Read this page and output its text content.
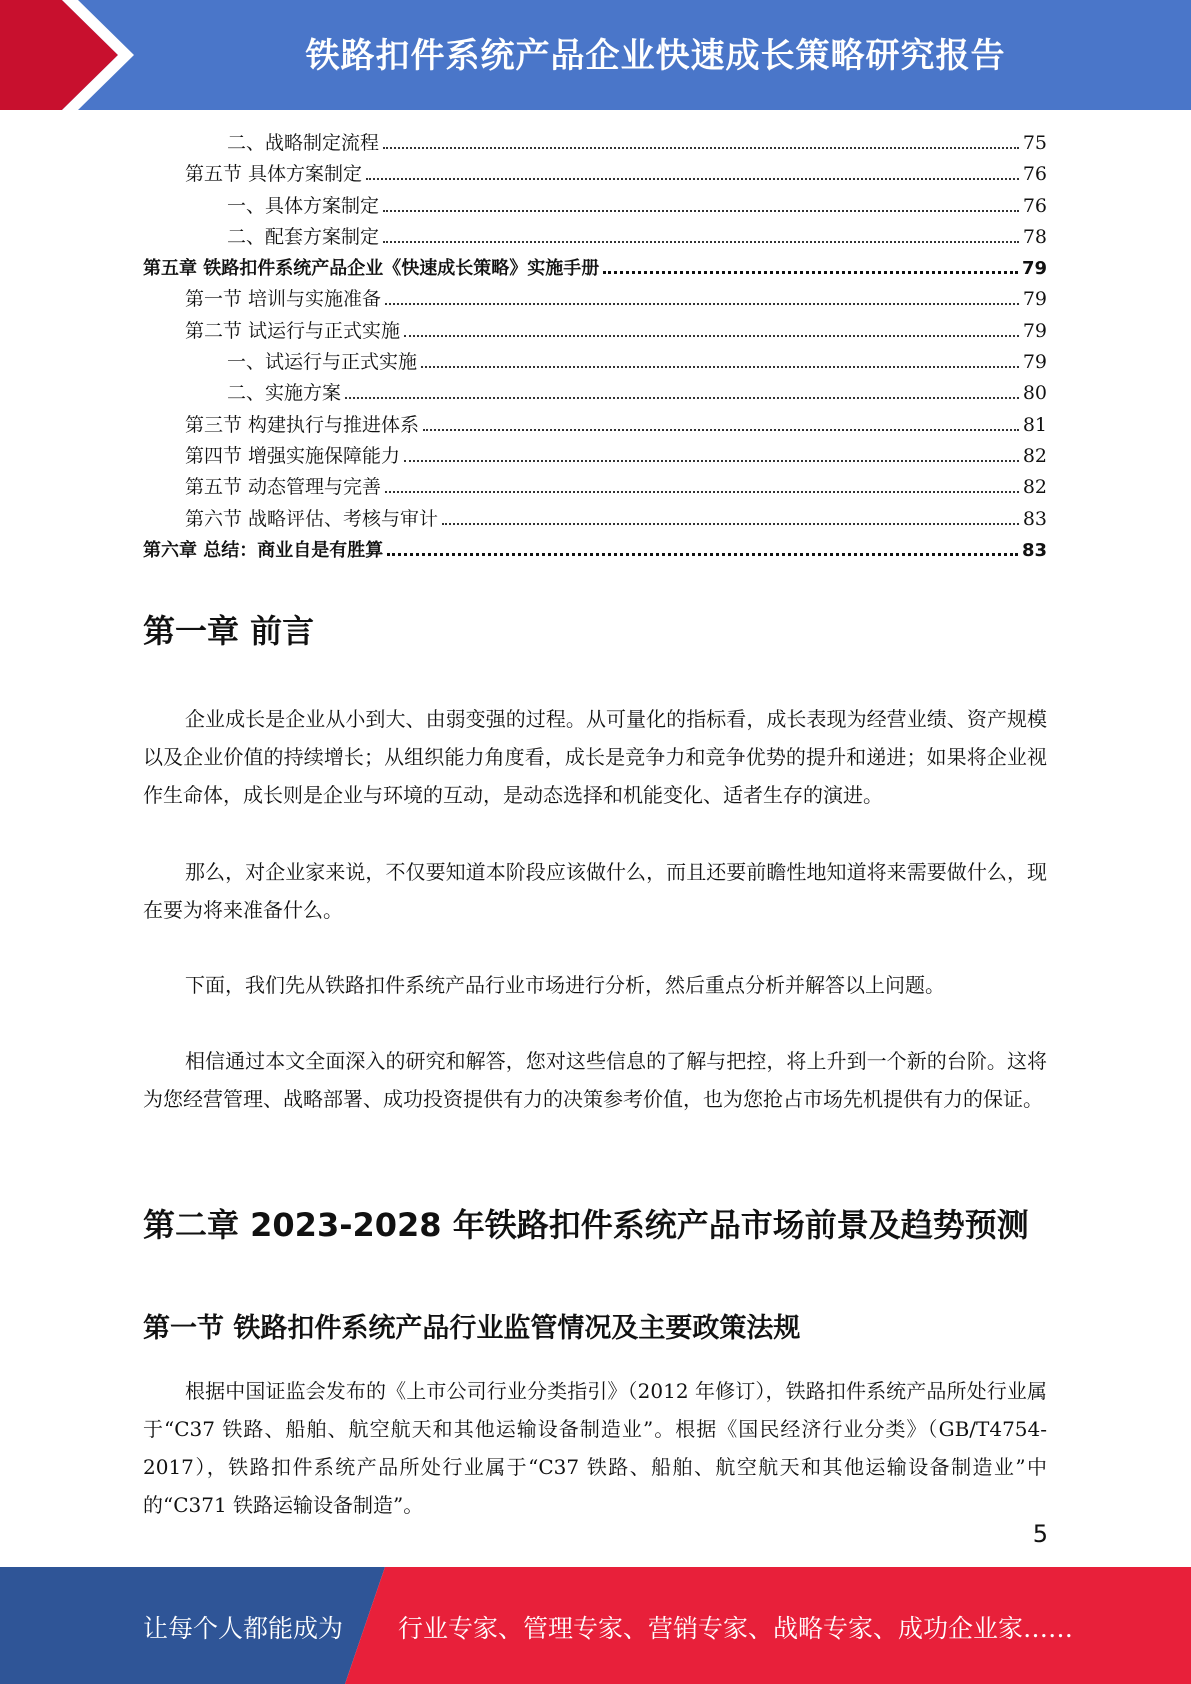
铁路扣件系统产品企业快速成长策略研究报告
二、战略制定流程	75
第五节 具体方案制定	76
一、具体方案制定	76
二、配套方案制定	78
第五章 铁路扣件系统产品企业《快速成长策略》实施手册	79
第一节 培训与实施准备	79
第二节 试运行与正式实施	79
一、试运行与正式实施	79
二、实施方案	80
第三节 构建执行与推进体系	81
第四节 增强实施保障能力	82
第五节 动态管理与完善	82
第六节 战略评估、考核与审计	83
第六章 总结：商业自是有胜算	83
第一章 前言

企业成长是企业从小到大、由弱变强的过程。从可量化的指标看，成长表现为经营业绩、资产规模以及企业价值的持续增长；从组织能力角度看，成长是竞争力和竞争优势的提升和递进；如果将企业视作生命体，成长则是企业与环境的互动，是动态选择和机能变化、适者生存的演进。

那么，对企业家来说，不仅要知道本阶段应该做什么，而且还要前瞻性地知道将来需要做什么，现在要为将来准备什么。

下面，我们先从铁路扣件系统产品行业市场进行分析，然后重点分析并解答以上问题。

相信通过本文全面深入的研究和解答，您对这些信息的了解与把控，将上升到一个新的台阶。这将为您经营管理、战略部署、成功投资提供有力的决策参考价值，也为您抢占市场先机提供有力的保证。

第二章 2023-2028 年铁路扣件系统产品市场前景及趋势预测
第一节 铁路扣件系统产品行业监管情况及主要政策法规

根据中国证监会发布的《上市公司行业分类指引》（2012 年修订），铁路扣件系统产品所处行业属于“C37 铁路、船舶、航空航天和其他运输设备制造业”。根据《国民经济行业分类》（GB/T4754-2017），铁路扣件系统产品所处行业属于“C37 铁路、船舶、航空航天和其他运输设备制造业”中的“C371 铁路运输设备制造”。

5
让每个人都能成为 行业专家、管理专家、营销专家、战略专家、成功企业家……
